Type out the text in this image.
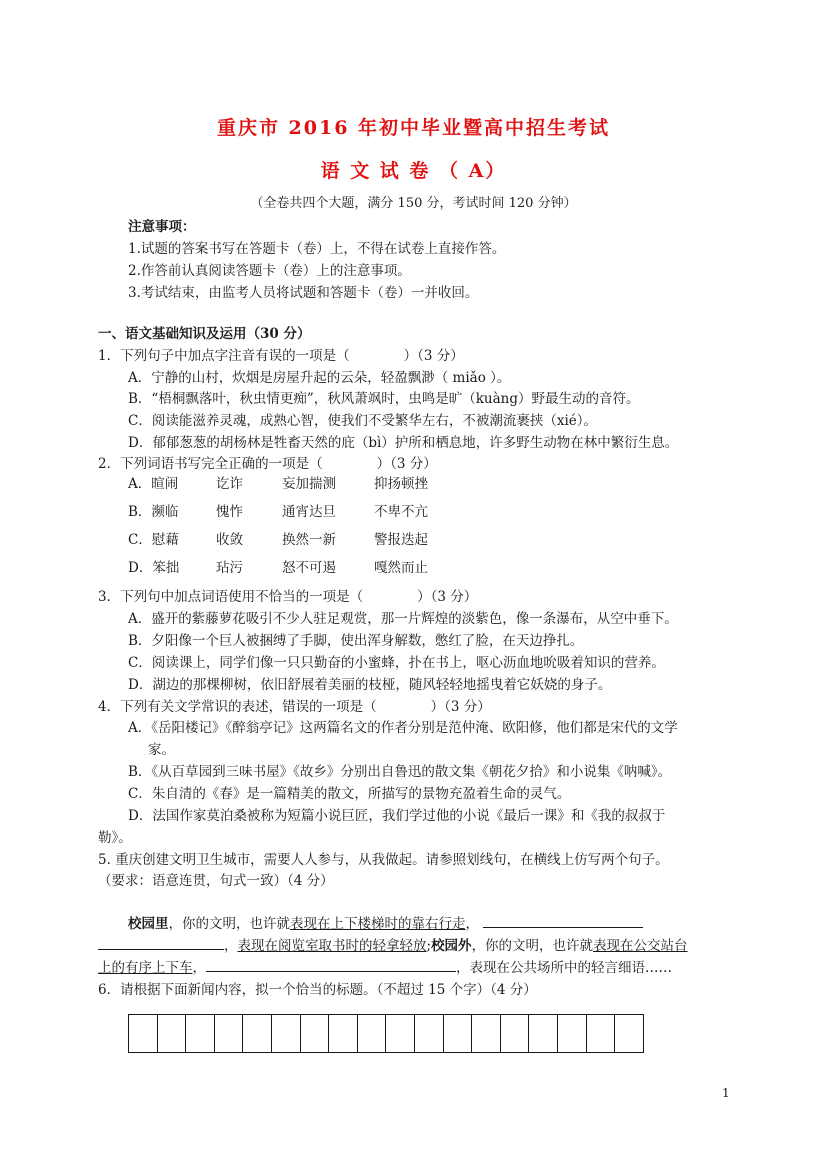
重庆市 2016 年初中毕业暨高中招生考试
语 文 试 卷 （ A）
（全卷共四个大题，满分 150 分，考试时间 120 分钟）
注意事项：
1.试题的答案书写在答题卡（卷）上，不得在试卷上直接作答。
2.作答前认真阅读答题卡（卷）上的注意事项。
3.考试结束，由监考人员将试题和答题卡（卷）一并收回。
一、语文基础知识及运用（30 分）
1．下列句子中加点字注音有误的一项是（　　　　）（3 分）
A．宁静的山村，炊烟是房屋升起的云朵，轻盈飘渺（ miǎo ）。
B．“梧桐飘落叶，秋虫情更痴”，秋风萧飒时，虫鸣是旷（kuàng）野最生动的音符。
C．阅读能滋养灵魂，成熟心智，使我们不受繁华左右，不被潮流裹挟（xié）。
D．郁郁葱葱的胡杨林是牲畜天然的庇（bì）护所和栖息地，许多野生动物在林中繁衍生息。
2．下列词语书写完全正确的一项是（　　　　）（3 分）
A．暄闹	讫诈	妄加揣测	抑扬顿挫
B．濒临	愧怍	通宵达旦	不卑不亢
C．慰藉	收敛	换然一新	警报迭起
D．笨拙	玷污	怒不可遏	嘎然而止
3．下列句中加点词语使用不恰当的一项是（　　　　）（3 分）
A．盛开的紫藤萝花吸引不少人驻足观赏，那一片辉煌的淡紫色，像一条瀑布，从空中垂下。
B．夕阳像一个巨人被捆缚了手脚，使出浑身解数，憋红了脸，在天边挣扎。
C．阅读课上，同学们像一只只勤奋的小蜜蜂，扑在书上，呕心沥血地吮吸着知识的营养。
D．湖边的那棵柳树，依旧舒展着美丽的枝桠，随风轻轻地摇曳着它妖娆的身子。
4．下列有关文学常识的表述，错误的一项是（　　　　）（3 分）
A．《岳阳楼记》《醉翁亭记》这两篇名文的作者分别是范仲淹、欧阳修，他们都是宋代的文学
家。
B．《从百草园到三味书屋》《故乡》分别出自鲁迅的散文集《朝花夕拾》和小说集《呐喊》。
C．朱自清的《春》是一篇精美的散文，所描写的景物充盈着生命的灵气。
D．法国作家莫泊桑被称为短篇小说巨匠，我们学过他的小说《最后一课》和《我的叔叔于
勒》。
5. 重庆创建文明卫生城市，需要人人参与，从我做起。请参照划线句，在横线上仿写两个句子。
（要求：语意连贯，句式一致）（4 分）
校园里，你的文明，也许就表现在上下楼梯时的靠右行走，
，表现在阅览室取书时的轻拿轻放;校园外，你的文明，也许就表现在公交站台
上的有序上下车，	，表现在公共场所中的轻言细语……
6．请根据下面新闻内容，拟一个恰当的标题。（不超过 15 个字）（4 分）
1
